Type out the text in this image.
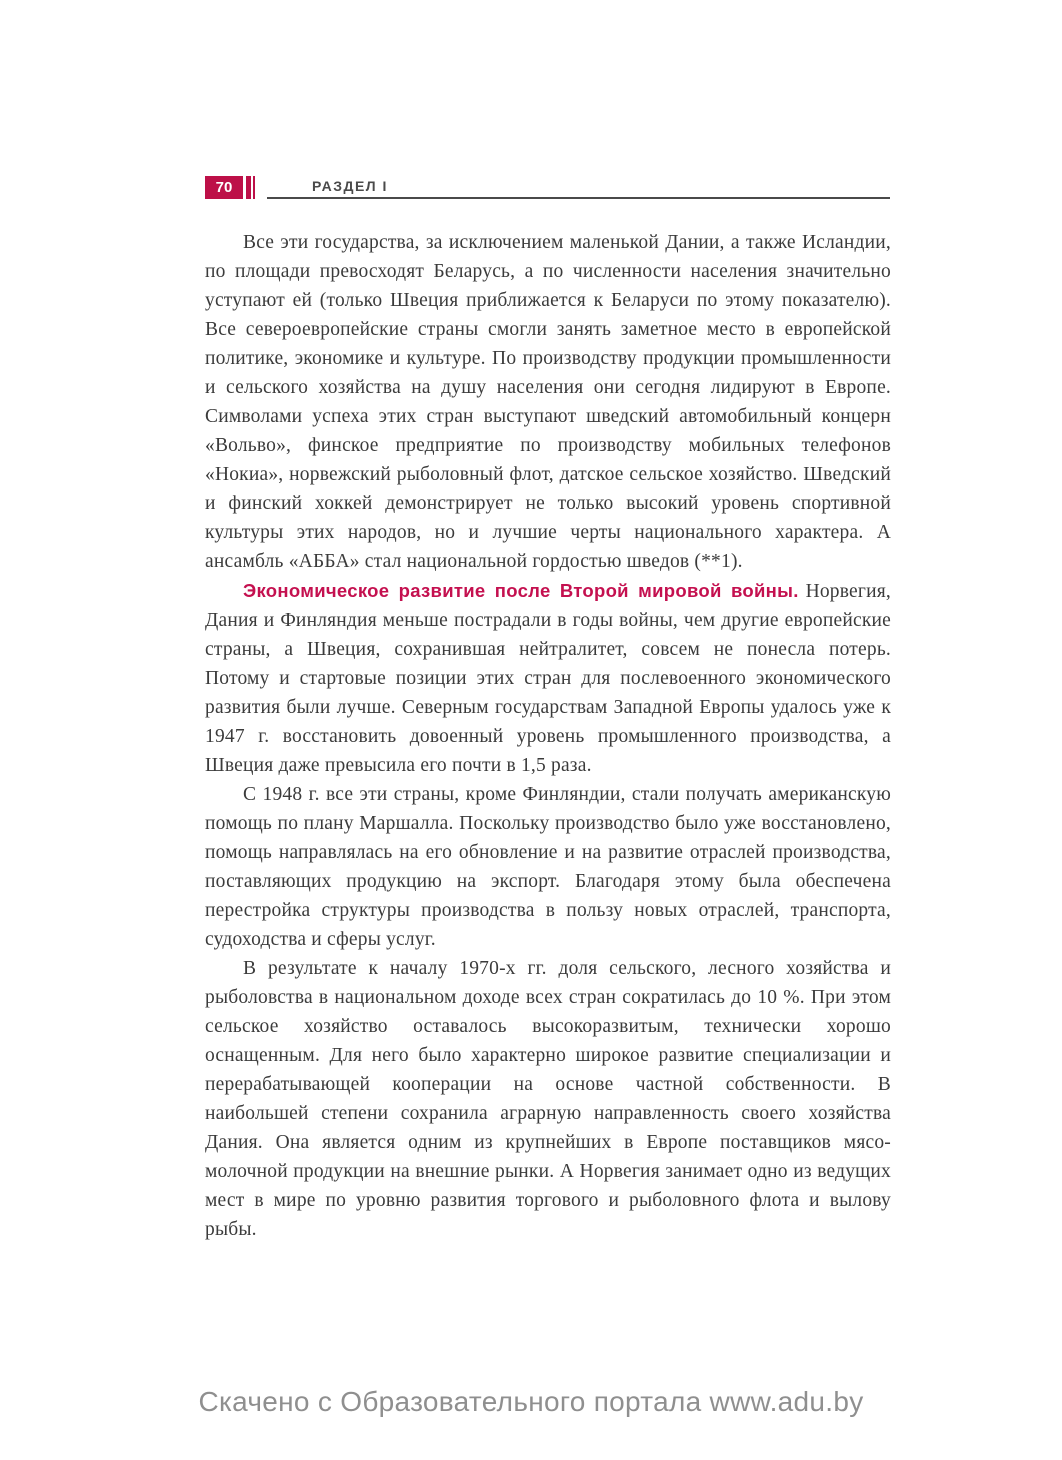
70	РАЗДЕЛ I

Все эти государства, за исключением маленькой Дании, а также Исландии, по площади превосходят Беларусь, а по численности населения значительно уступают ей (только Швеция приближается к Беларуси по этому показателю). Все североевропейские страны смогли занять заметное место в европейской политике, экономике и культуре. По производству продукции промышленности и сельского хозяйства на душу населения они сегодня лидируют в Европе. Символами успеха этих стран выступают шведский автомобильный концерн «Вольво», финское предприятие по производству мобильных телефонов «Нокиа», норвежский рыболовный флот, датское сельское хозяйство. Шведский и финский хоккей демонстрирует не только высокий уровень спортивной культуры этих народов, но и лучшие черты национального характера. А ансамбль «АББА» стал национальной гордостью шведов (**1).

Экономическое развитие после Второй мировой войны. Норвегия, Дания и Финляндия меньше пострадали в годы войны, чем другие европейские страны, а Швеция, сохранившая нейтралитет, совсем не понесла потерь. Потому и стартовые позиции этих стран для послевоенного экономического развития были лучше. Северным государствам Западной Европы удалось уже к 1947 г. восстановить довоенный уровень промышленного производства, а Швеция даже превысила его почти в 1,5 раза.

С 1948 г. все эти страны, кроме Финляндии, стали получать американскую помощь по плану Маршалла. Поскольку производство было уже восстановлено, помощь направлялась на его обновление и на развитие отраслей производства, поставляющих продукцию на экспорт. Благодаря этому была обеспечена перестройка структуры производства в пользу новых отраслей, транспорта, судоходства и сферы услуг.

В результате к началу 1970-х гг. доля сельского, лесного хозяйства и рыболовства в национальном доходе всех стран сократилась до 10 %. При этом сельское хозяйство оставалось высокоразвитым, технически хорошо оснащенным. Для него было характерно широкое развитие специализации и перерабатывающей кооперации на основе частной собственности. В наибольшей степени сохранила аграрную направленность своего хозяйства Дания. Она является одним из крупнейших в Европе поставщиков мясо-молочной продукции на внешние рынки. А Норвегия занимает одно из ведущих мест в мире по уровню развития торгового и рыболовного флота и вылову рыбы.

Скачено с Образовательного портала www.adu.by
